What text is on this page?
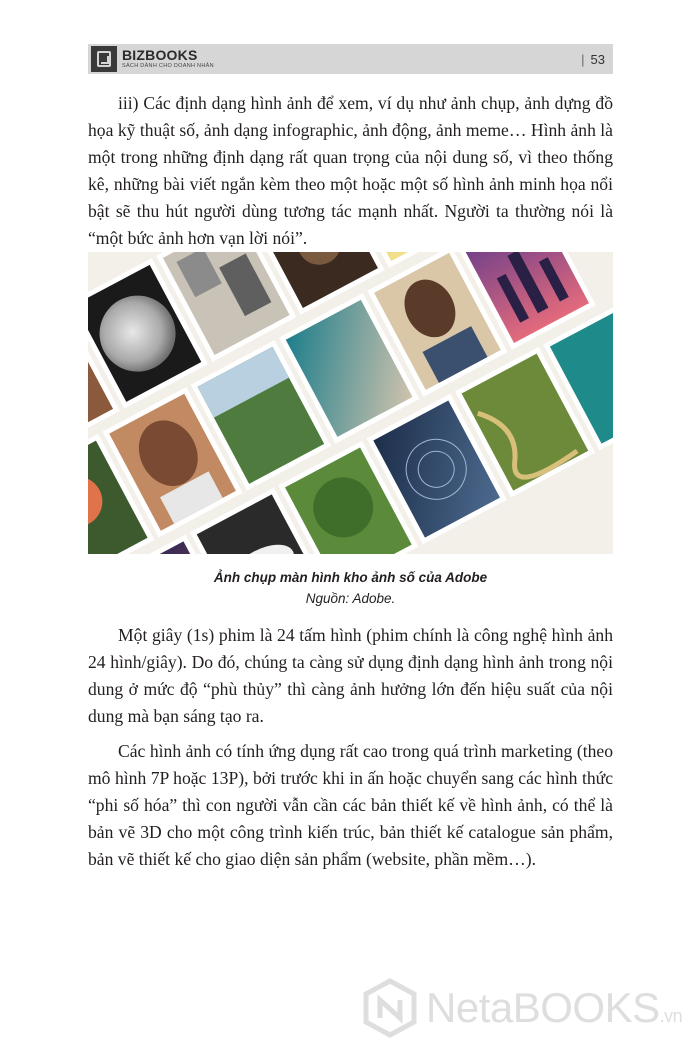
BIZBOOKS
SÁCH DÀNH CHO DOANH NHÂN	| 53

iii) Các định dạng hình ảnh để xem, ví dụ như ảnh chụp, ảnh dựng đồ họa kỹ thuật số, ảnh dạng infographic, ảnh động, ảnh meme… Hình ảnh là một trong những định dạng rất quan trọng của nội dung số, vì theo thống kê, những bài viết ngắn kèm theo một hoặc một số hình ảnh minh họa nổi bật sẽ thu hút người dùng tương tác mạnh nhất. Người ta thường nói là “một bức ảnh hơn vạn lời nói”.

Ảnh chụp màn hình kho ảnh số của Adobe
Nguồn: Adobe.

Một giây (1s) phim là 24 tấm hình (phim chính là công nghệ hình ảnh 24 hình/giây). Do đó, chúng ta càng sử dụng định dạng hình ảnh trong nội dung ở mức độ “phù thủy” thì càng ảnh hưởng lớn đến hiệu suất của nội dung mà bạn sáng tạo ra.

Các hình ảnh có tính ứng dụng rất cao trong quá trình marketing (theo mô hình 7P hoặc 13P), bởi trước khi in ấn hoặc chuyển sang các hình thức “phi số hóa” thì con người vẫn cần các bản thiết kế về hình ảnh, có thể là bản vẽ 3D cho một công trình kiến trúc, bản thiết kế catalogue sản phẩm, bản vẽ thiết kế cho giao diện sản phẩm (website, phần mềm…).

NetaBOOKS.vn
